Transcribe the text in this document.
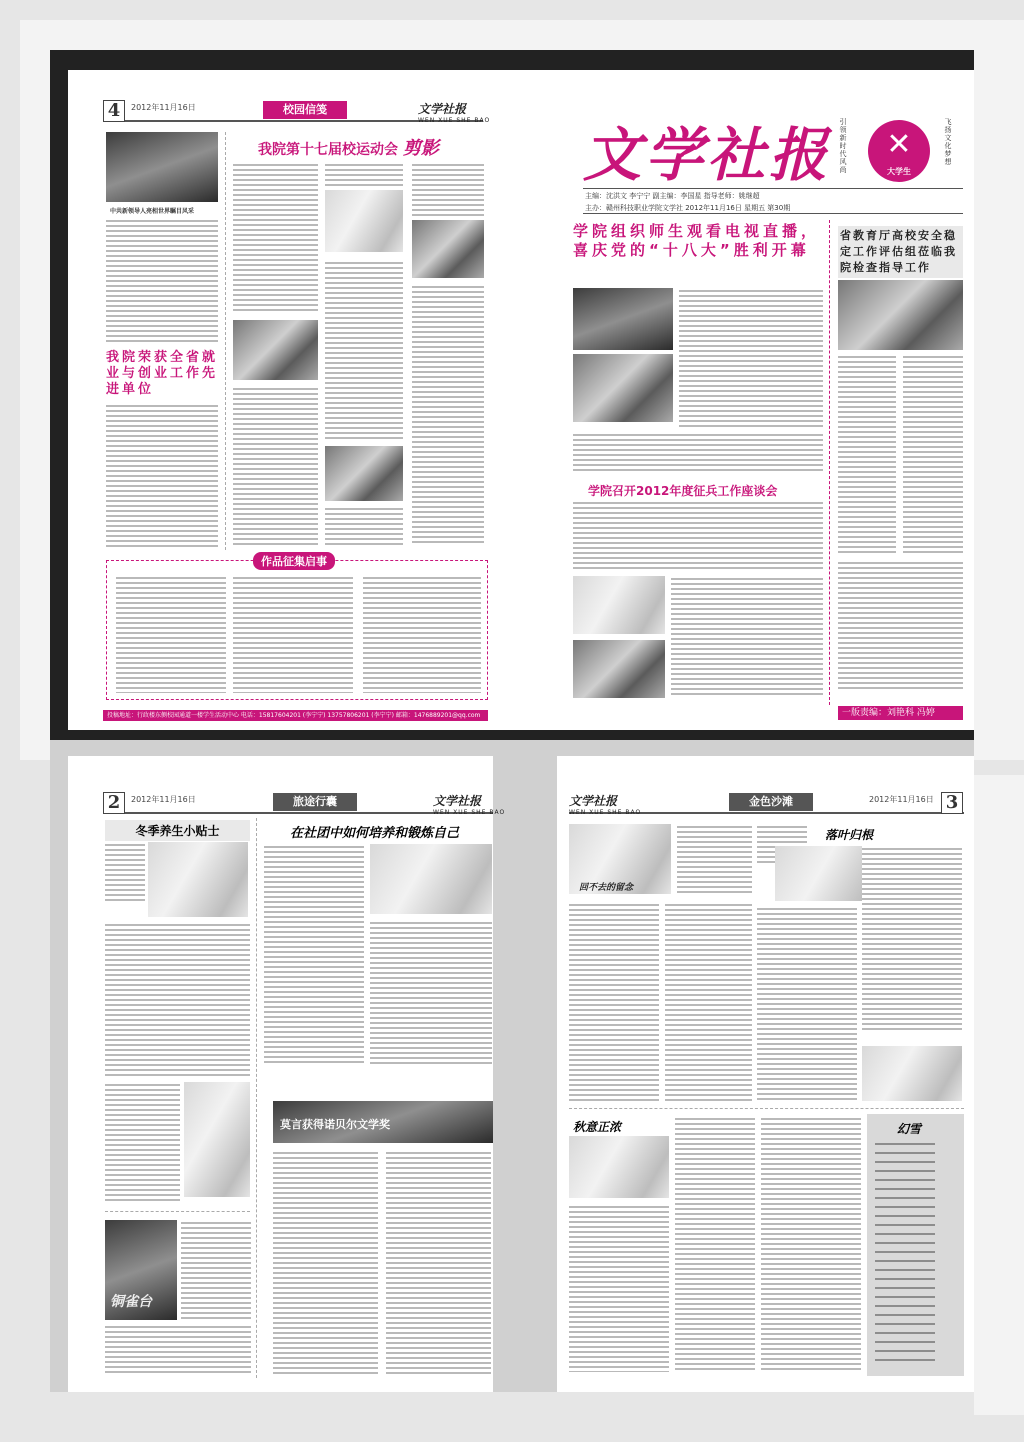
4	2012年11月16日	校园信笺	文学社报
WEN XUE SHE BAO
中共新领导人亮相世界瞩目风采
我院荣获全省就业与创业工作先进单位
我院第十七届校运动会 剪影
作品征集启事
投稿地址：行政楼东侧校园通道一楼学生活动中心 电话：15817604201 (李宁宁) 13757806201 (李宁宁) 邮箱：1476889201@qq.com
文学社报 引领新时代风尚	飞扬文化梦想
✕
大学生
主编：沈洪文 李宁宁 副主编：李国星 指导老师：姚继超
主办：赣州科技职业学院文学社 2012年11月16日 星期五 第30期
学院组织师生观看电视直播，喜庆党的“十八大”胜利开幕
学院召开2012年度征兵工作座谈会
省教育厅高校安全稳定工作评估组莅临我院检查指导工作
一版责编：刘艳科 冯婷
2	2012年11月16日	旅途行囊	文学社报
WEN XUE SHE BAO
冬季养生小贴士
铜雀台
在社团中如何培养和锻炼自己
莫言获得诺贝尔文学奖
文学社报
WEN XUE SHE BAO
金色沙滩	2012年11月16日 3
回不去的留念
落叶归根
秋意正浓	幻雪
